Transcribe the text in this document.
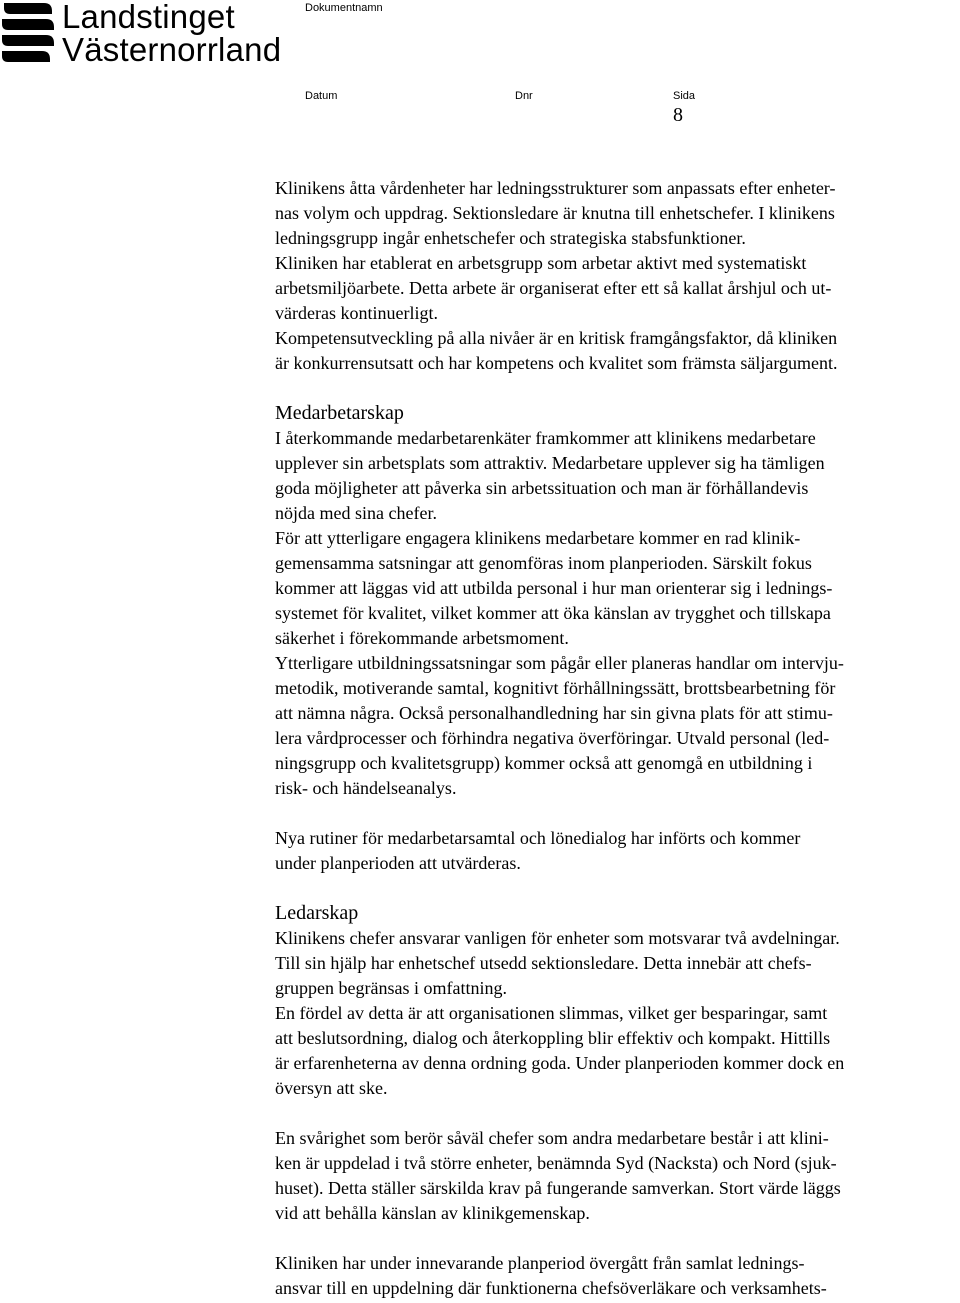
Landstinget
Västernorrland
Dokumentnamn
Datum	Dnr	Sida
8

Klinikens åtta vårdenheter har ledningsstrukturer som anpassats efter enheter-
nas volym och uppdrag. Sektionsledare är knutna till enhetschefer. I klinikens
ledningsgrupp ingår enhetschefer och strategiska stabsfunktioner.
Kliniken har etablerat en arbetsgrupp som arbetar aktivt med systematiskt
arbetsmiljöarbete. Detta arbete är organiserat efter ett så kallat årshjul och ut-
värderas kontinuerligt.
Kompetensutveckling på alla nivåer är en kritisk framgångsfaktor, då kliniken
är konkurrensutsatt och har kompetens och kvalitet som främsta säljargument.

Medarbetarskap

I återkommande medarbetarenkäter framkommer att klinikens medarbetare
upplever sin arbetsplats som attraktiv. Medarbetare upplever sig ha tämligen
goda möjligheter att påverka sin arbetssituation och man är förhållandevis
nöjda med sina chefer.
För att ytterligare engagera klinikens medarbetare kommer en rad klinik-
gemensamma satsningar att genomföras inom planperioden. Särskilt fokus
kommer att läggas vid att utbilda personal i hur man orienterar sig i lednings-
systemet för kvalitet, vilket kommer att öka känslan av trygghet och tillskapa
säkerhet i förekommande arbetsmoment.
Ytterligare utbildningssatsningar som pågår eller planeras handlar om intervju-
metodik, motiverande samtal, kognitivt förhållningssätt, brottsbearbetning för
att nämna några. Också personalhandledning har sin givna plats för att stimu-
lera vårdprocesser och förhindra negativa överföringar. Utvald personal (led-
ningsgrupp och kvalitetsgrupp) kommer också att genomgå en utbildning i
risk- och händelseanalys.

Nya rutiner för medarbetarsamtal och lönedialog har införts och kommer
under planperioden att utvärderas.

Ledarskap

Klinikens chefer ansvarar vanligen för enheter som motsvarar två avdelningar.
Till sin hjälp har enhetschef utsedd sektionsledare. Detta innebär att chefs-
gruppen begränsas i omfattning.
En fördel av detta är att organisationen slimmas, vilket ger besparingar, samt
att beslutsordning, dialog och återkoppling blir effektiv och kompakt. Hittills
är erfarenheterna av denna ordning goda. Under planperioden kommer dock en
översyn att ske.

En svårighet som berör såväl chefer som andra medarbetare består i att klini-
ken är uppdelad i två större enheter, benämnda Syd (Nacksta) och Nord (sjuk-
huset). Detta ställer särskilda krav på fungerande samverkan. Stort värde läggs
vid att behålla känslan av klinikgemenskap.

Kliniken har under innevarande planperiod övergått från samlat lednings-
ansvar till en uppdelning där funktionerna chefsöverläkare och verksamhets-
